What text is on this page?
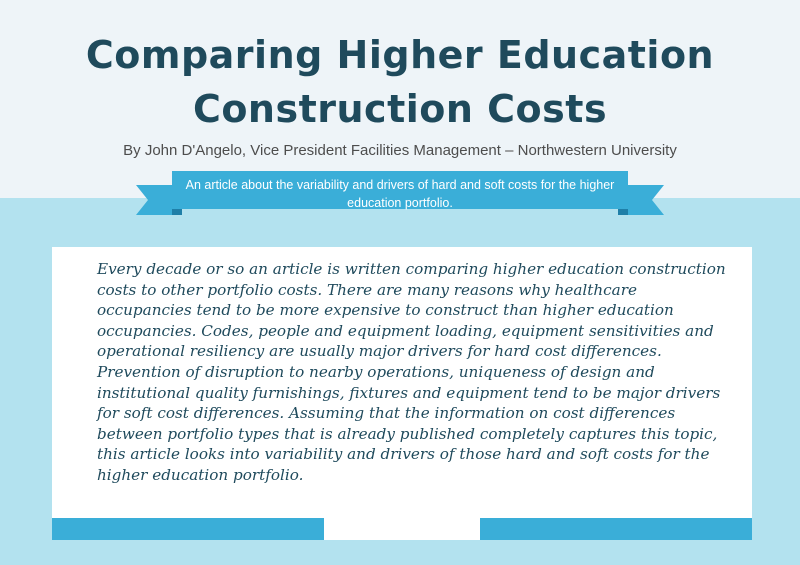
Comparing Higher Education Construction Costs

By John D'Angelo, Vice President Facilities Management – Northwestern University

An article about the variability and drivers of hard and soft costs for the higher education portfolio.

Every decade or so an article is written comparing higher education construction costs to other portfolio costs. There are many reasons why healthcare occupancies tend to be more expensive to construct than higher education occupancies. Codes, people and equipment loading, equipment sensitivities and operational resiliency are usually major drivers for hard cost differences. Prevention of disruption to nearby operations, uniqueness of design and institutional quality furnishings, fixtures and equipment tend to be major drivers for soft cost differences. Assuming that the information on cost differences between portfolio types that is already published completely captures this topic, this article looks into variability and drivers of those hard and soft costs for the higher education portfolio.
